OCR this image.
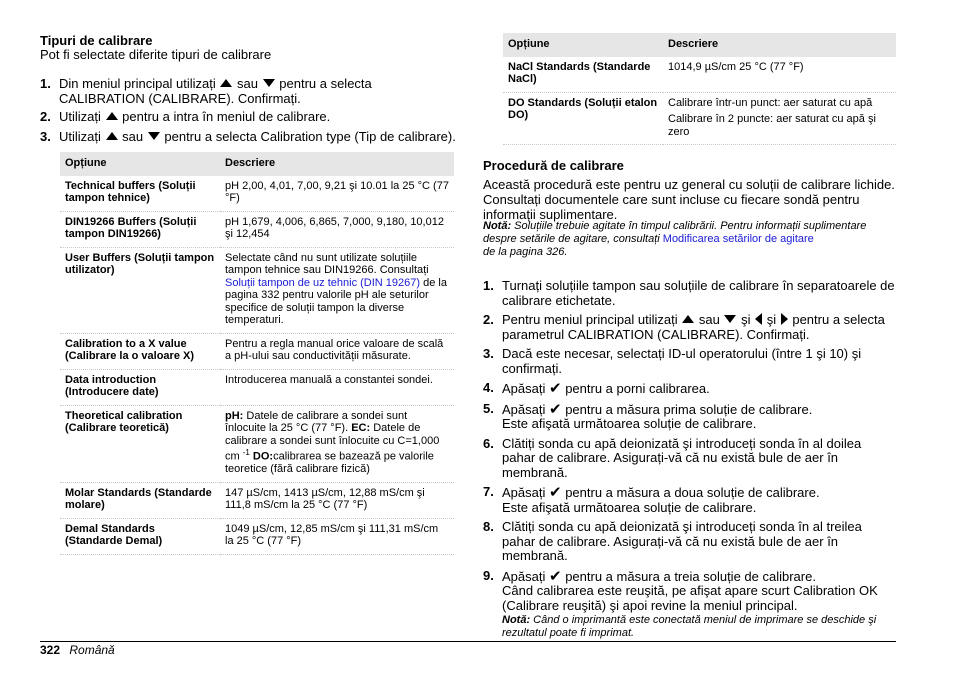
Tipuri de calibrare
Pot fi selectate diferite tipuri de calibrare
1. Din meniul principal utilizați sau pentru a selecta CALIBRATION (CALIBRARE). Confirmați.
2. Utilizați pentru a intra în meniul de calibrare.
3. Utilizați sau pentru a selecta Calibration type (Tip de calibrare).
Opțiune	Descriere
Technical buffers (Soluții tampon tehnice)	pH 2,00, 4,01, 7,00, 9,21 şi 10.01 la 25 °C (77 °F)
DIN19266 Buffers (Soluții tampon DIN19266)	pH 1,679, 4,006, 6,865, 7,000, 9,180, 10,012 şi 12,454
User Buffers (Soluții tampon utilizator)	Selectate când nu sunt utilizate soluțiile tampon tehnice sau DIN19266. Consultați Soluții tampon de uz tehnic (DIN 19267) de la pagina 332 pentru valorile pH ale seturilor specifice de soluții tampon la diverse temperaturi.
Calibration to a X value (Calibrare la o valoare X)	Pentru a regla manual orice valoare de scală a pH-ului sau conductivității măsurate.
Data introduction (Introducere date)	Introducerea manuală a constantei sondei.
Theoretical calibration (Calibrare teoretică)	pH: Datele de calibrare a sondei sunt înlocuite la 25 °C (77 °F). EC: Datele de calibrare a sondei sunt înlocuite cu C=1,000 cm $^{-1}$ DO:calibrarea se bazează pe valorile teoretice (fără calibrare fizică)
Molar Standards (Standarde molare)	147 µS/cm, 1413 µS/cm, 12,88 mS/cm şi 111,8 mS/cm la 25 °C (77 °F)
Demal Standards (Standarde Demal)	1049 µS/cm, 12,85 mS/cm şi 111,31 mS/cm la 25 °C (77 °F)
Opțiune	Descriere
NaCl Standards (Standarde NaCl)	1014,9 µS/cm 25 °C (77 °F)
DO Standards (Soluții etalon DO)	Calibrare într-un punct: aer saturat cu apă
Calibrare în 2 puncte: aer saturat cu apă şi zero
Procedură de calibrare
Această procedură este pentru uz general cu soluții de calibrare lichide. Consultați documentele care sunt incluse cu fiecare sondă pentru informații suplimentare.
Notă: Soluțiile trebuie agitate în timpul calibrării. Pentru informații suplimentare despre setările de agitare, consultați Modificarea setărilor de agitare
de la pagina 326.
1. Turnați soluțiile tampon sau soluțiile de calibrare în separatoarele de calibrare etichetate.
2. Pentru meniul principal utilizați sau şi şi pentru a selecta parametrul CALIBRATION (CALIBRARE). Confirmați.
3. Dacă este necesar, selectați ID-ul operatorului (între 1 şi 10) şi confirmați.
4. Apăsați ✔ pentru a porni calibrarea.
5. Apăsați ✔ pentru a măsura prima soluție de calibrare.
Este afişată următoarea soluție de calibrare.
6. Clătiți sonda cu apă deionizată şi introduceți sonda în al doilea pahar de calibrare. Asigurați-vă că nu există bule de aer în membrană.
7. Apăsați ✔ pentru a măsura a doua soluție de calibrare.
Este afişată următoarea soluție de calibrare.
8. Clătiți sonda cu apă deionizată şi introduceți sonda în al treilea pahar de calibrare. Asigurați-vă că nu există bule de aer în membrană.
9. Apăsați ✔ pentru a măsura a treia soluție de calibrare.
Când calibrarea este reuşită, pe afişat apare scurt Calibration OK (Calibrare reuşită) şi apoi revine la meniul principal.
Notă: Când o imprimantă este conectată meniul de imprimare se deschide şi rezultatul poate fi imprimat.
322 Română
